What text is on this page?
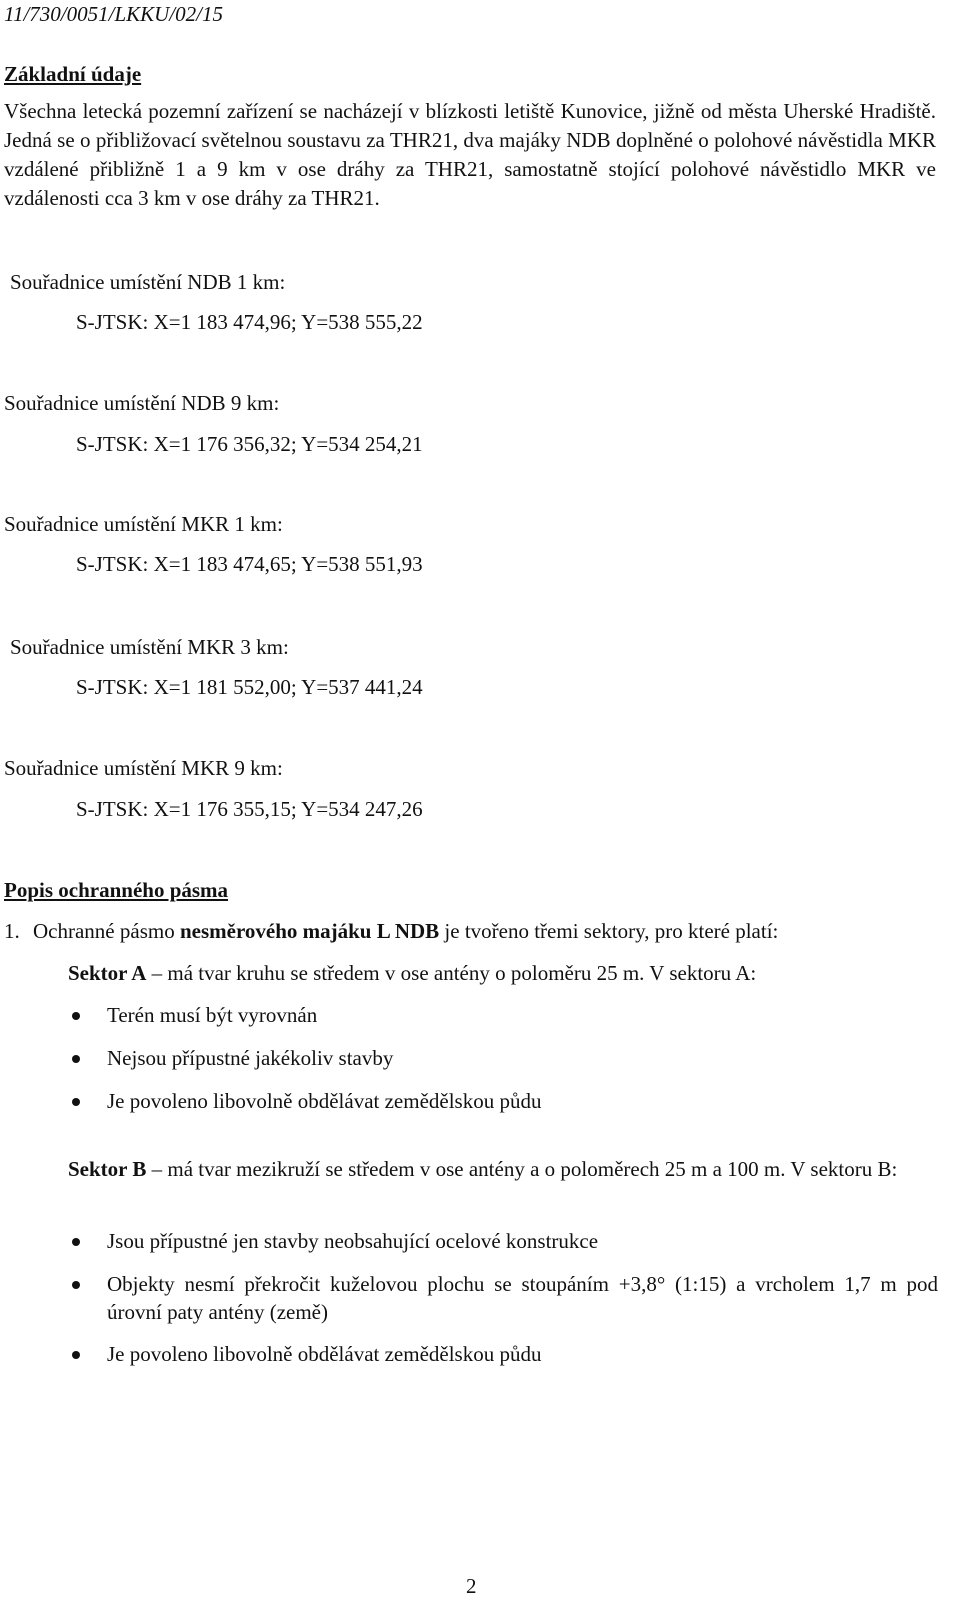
11/730/0051/LKKU/02/15
Základní údaje
Všechna letecká pozemní zařízení se nacházejí v blízkosti letiště Kunovice, jižně od města Uherské Hradiště. Jedná se o přibližovací světelnou soustavu za THR21, dva majáky NDB doplněné o polohové návěstidla MKR vzdálené přibližně 1 a 9 km v ose dráhy za THR21, samostatně stojící polohové návěstidlo MKR ve vzdálenosti cca 3 km v ose dráhy za THR21.
Souřadnice umístění NDB 1 km:
S-JTSK: X=1 183 474,96; Y=538 555,22
Souřadnice umístění NDB 9 km:
S-JTSK: X=1 176 356,32; Y=534 254,21
Souřadnice umístění MKR 1 km:
S-JTSK: X=1 183 474,65; Y=538 551,93
Souřadnice umístění MKR 3 km:
S-JTSK: X=1 181 552,00; Y=537 441,24
Souřadnice umístění MKR 9 km:
S-JTSK: X=1 176 355,15; Y=534 247,26
Popis ochranného pásma
1. Ochranné pásmo nesměrového majáku L NDB je tvořeno třemi sektory, pro které platí:
Sektor A – má tvar kruhu se středem v ose antény o poloměru 25 m. V sektoru A:
Terén musí být vyrovnán
Nejsou přípustné jakékoliv stavby
Je povoleno libovolně obdělávat zemědělskou půdu
Sektor B – má tvar mezikruží se středem v ose antény a o poloměrech 25 m a 100 m. V sektoru B:
Jsou přípustné jen stavby neobsahující ocelové konstrukce
Objekty nesmí překročit kuželovou plochu se stoupáním +3,8° (1:15) a vrcholem 1,7 m pod úrovní paty antény (země)
Je povoleno libovolně obdělávat zemědělskou půdu
2
